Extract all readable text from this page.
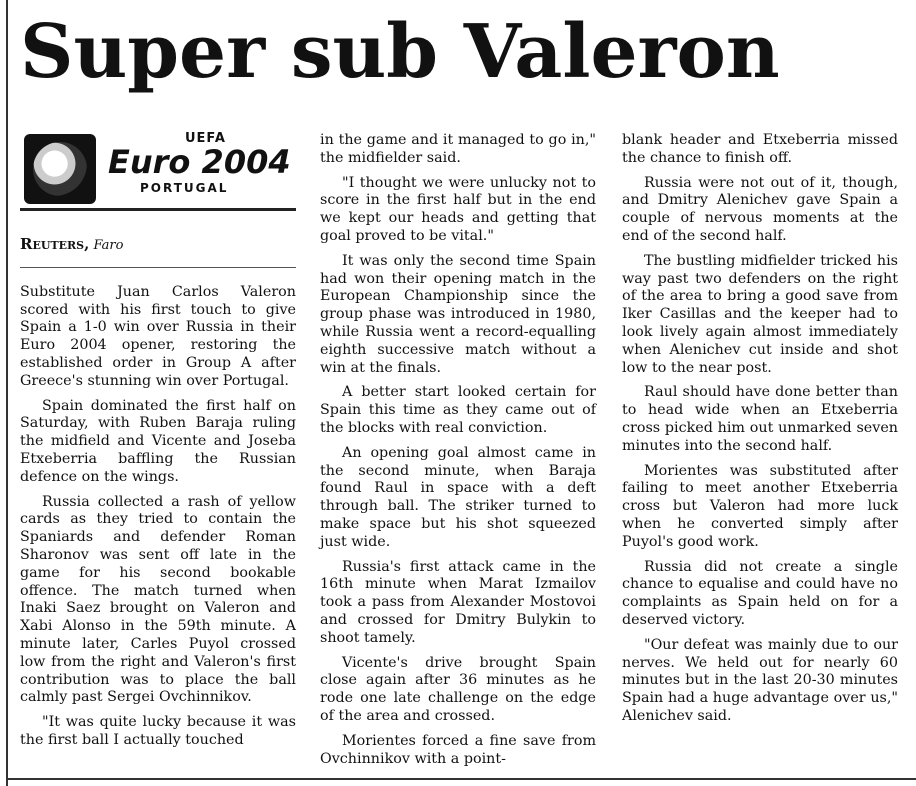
Super sub Valeron
UEFA
Euro 2004
PORTUGAL
Reuters, Faro

Substitute Juan Carlos Valeron scored with his first touch to give Spain a 1-0 win over Russia in their Euro 2004 opener, restoring the established order in Group A after Greece's stunning win over Portugal.

Spain dominated the first half on Saturday, with Ruben Baraja ruling the midfield and Vicente and Joseba Etxeberria baffling the Russian defence on the wings.

Russia collected a rash of yellow cards as they tried to contain the Spaniards and defender Roman Sharonov was sent off late in the game for his second bookable offence. The match turned when Inaki Saez brought on Valeron and Xabi Alonso in the 59th minute. A minute later, Carles Puyol crossed low from the right and Valeron's first contribution was to place the ball calmly past Sergei Ovchinnikov.

"It was quite lucky because it was the first ball I actually touched

in the game and it managed to go in," the midfielder said.

"I thought we were unlucky not to score in the first half but in the end we kept our heads and getting that goal proved to be vital."

It was only the second time Spain had won their opening match in the European Championship since the group phase was introduced in 1980, while Russia went a record-equalling eighth successive match without a win at the finals.

A better start looked certain for Spain this time as they came out of the blocks with real conviction.

An opening goal almost came in the second minute, when Baraja found Raul in space with a deft through ball. The striker turned to make space but his shot squeezed just wide.

Russia's first attack came in the 16th minute when Marat Izmailov took a pass from Alexander Mostovoi and crossed for Dmitry Bulykin to shoot tamely.

Vicente's drive brought Spain close again after 36 minutes as he rode one late challenge on the edge of the area and crossed.

Morientes forced a fine save from Ovchinnikov with a point-

blank header and Etxeberria missed the chance to finish off.

Russia were not out of it, though, and Dmitry Alenichev gave Spain a couple of nervous moments at the end of the second half.

The bustling midfielder tricked his way past two defenders on the right of the area to bring a good save from Iker Casillas and the keeper had to look lively again almost immediately when Alenichev cut inside and shot low to the near post.

Raul should have done better than to head wide when an Etxeberria cross picked him out unmarked seven minutes into the second half.

Morientes was substituted after failing to meet another Etxeberria cross but Valeron had more luck when he converted simply after Puyol's good work.

Russia did not create a single chance to equalise and could have no complaints as Spain held on for a deserved victory.

"Our defeat was mainly due to our nerves. We held out for nearly 60 minutes but in the last 20-30 minutes Spain had a huge advantage over us," Alenichev said.
